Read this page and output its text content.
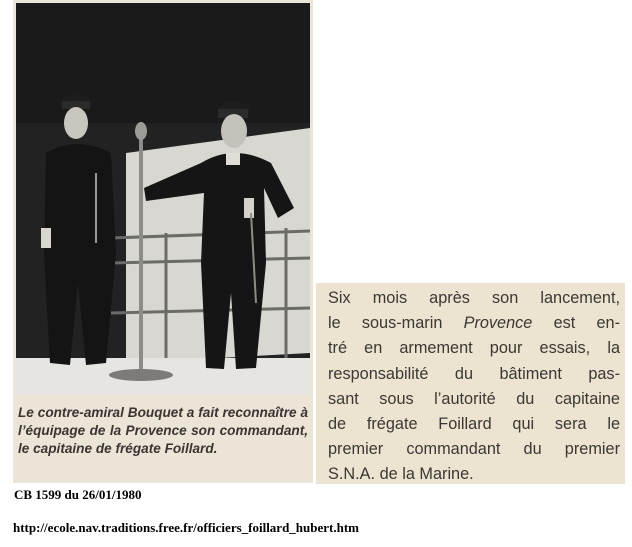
Le contre-amiral Bouquet a fait reconnaître à l’équipage de la Provence son commandant, le capitaine de frégate Foillard.

Six mois après son lancement,
le sous-marin Provence est en-
tré en armement pour essais, la
responsabilité du bâtiment pas-
sant sous l’autorité du capitaine
de frégate Foillard qui sera le
premier commandant du premier

S.N.A. de la Marine.

CB 1599 du 26/01/1980
http://ecole.nav.traditions.free.fr/officiers_foillard_hubert.htm
